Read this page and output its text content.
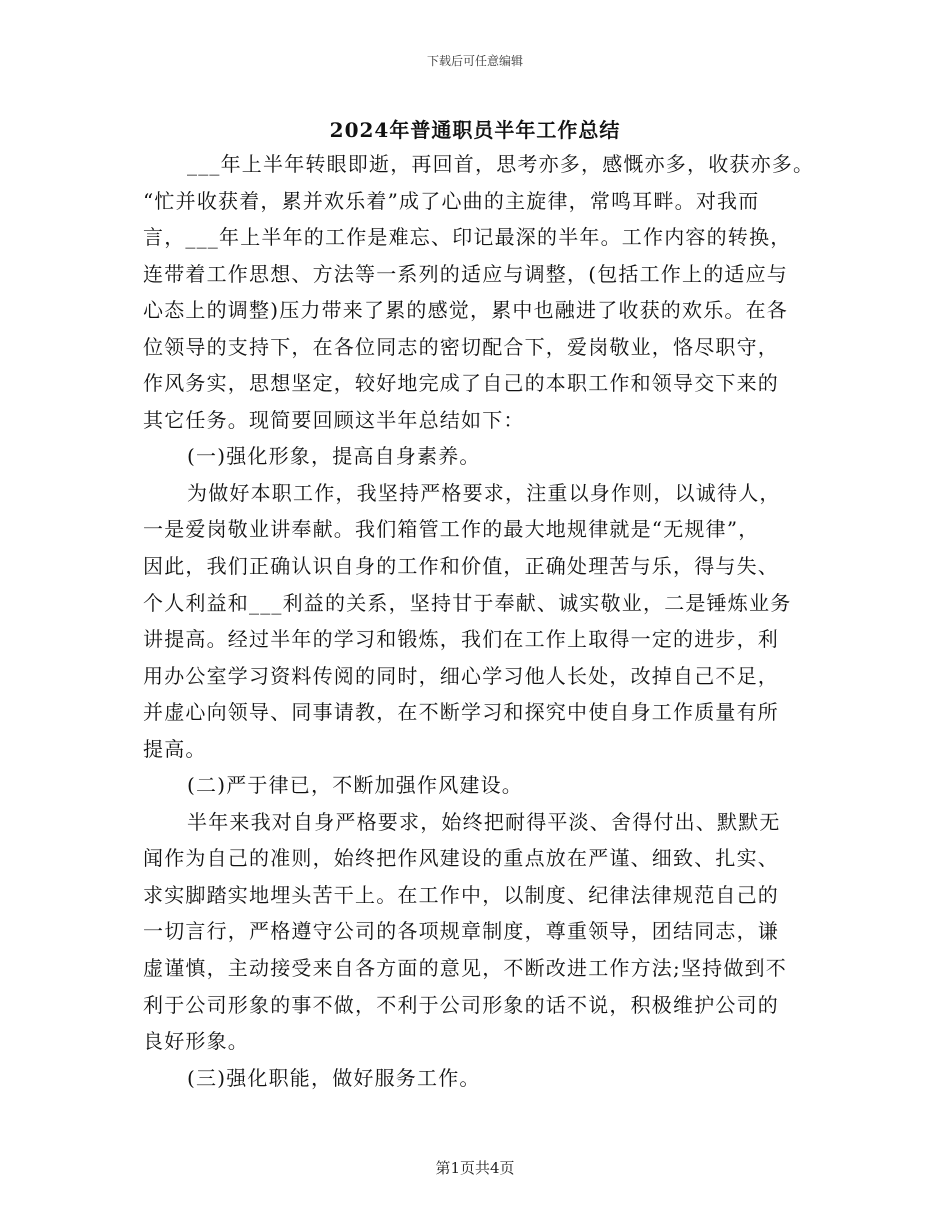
下载后可任意编辑
2024年普通职员半年工作总结
___年上半年转眼即逝，再回首，思考亦多，感慨亦多，收获亦多。
“忙并收获着，累并欢乐着”成了心曲的主旋律，常鸣耳畔。对我而
言，___年上半年的工作是难忘、印记最深的半年。工作内容的转换，
连带着工作思想、方法等一系列的适应与调整，(包括工作上的适应与
心态上的调整)压力带来了累的感觉，累中也融进了收获的欢乐。在各
位领导的支持下，在各位同志的密切配合下，爱岗敬业，恪尽职守，
作风务实，思想坚定，较好地完成了自己的本职工作和领导交下来的
其它任务。现简要回顾这半年总结如下：
(一)强化形象，提高自身素养。
为做好本职工作，我坚持严格要求，注重以身作则，以诚待人，
一是爱岗敬业讲奉献。我们箱管工作的最大地规律就是“无规律”，
因此，我们正确认识自身的工作和价值，正确处理苦与乐，得与失、
个人利益和___利益的关系，坚持甘于奉献、诚实敬业，二是锤炼业务
讲提高。经过半年的学习和锻炼，我们在工作上取得一定的进步，利
用办公室学习资料传阅的同时，细心学习他人长处，改掉自己不足，
并虚心向领导、同事请教，在不断学习和探究中使自身工作质量有所
提高。
(二)严于律已，不断加强作风建设。
半年来我对自身严格要求，始终把耐得平淡、舍得付出、默默无
闻作为自己的准则，始终把作风建设的重点放在严谨、细致、扎实、
求实脚踏实地埋头苦干上。在工作中，以制度、纪律法律规范自己的
一切言行，严格遵守公司的各项规章制度，尊重领导，团结同志，谦
虚谨慎，主动接受来自各方面的意见，不断改进工作方法;坚持做到不
利于公司形象的事不做，不利于公司形象的话不说，积极维护公司的
良好形象。
(三)强化职能，做好服务工作。
第1页共4页
